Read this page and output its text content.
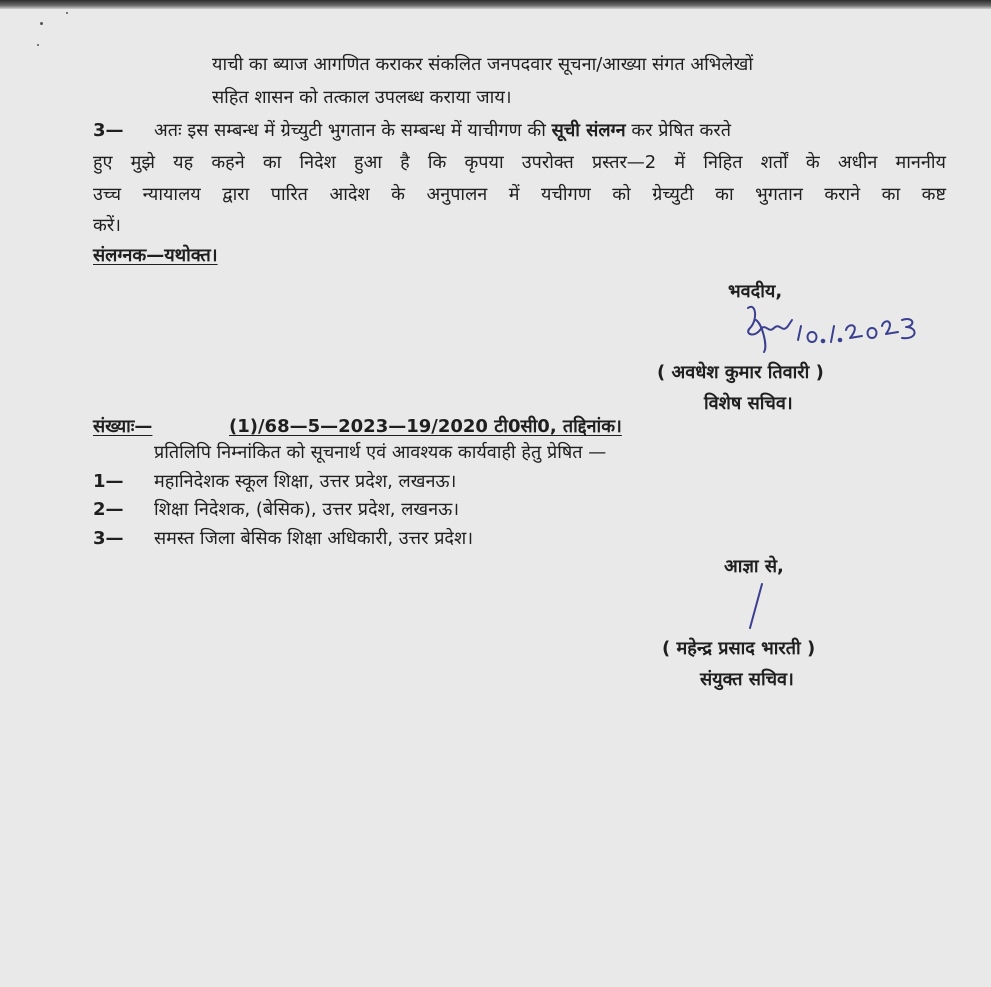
याची का ब्याज आगणित कराकर संकलित जनपदवार सूचना/आख्या संगत अभिलेखों
सहित शासन को तत्काल उपलब्ध कराया जाय।
3— अतः इस सम्बन्ध में ग्रेच्युटी भुगतान के सम्बन्ध में याचीगण की सूची संलग्न कर प्रेषित करते
हुए मुझे यह कहने का निदेश हुआ है कि कृपया उपरोक्त प्रस्तर—2 में निहित शर्तों के अधीन माननीय
उच्च न्यायालय द्वारा पारित आदेश के अनुपालन में यचीगण को ग्रेच्युटी का भुगतान कराने का कष्ट
करें।
संलग्नक—यथोक्त।
भवदीय,
( अवधेश कुमार तिवारी )
विशेष सचिव।
संख्याः—	(1)/68—5—2023—19/2020 टी0सी0, तद्दिनांक।
प्रतिलिपि निम्नांकित को सूचनार्थ एवं आवश्यक कार्यवाही हेतु प्रेषित —
1— महानिदेशक स्कूल शिक्षा, उत्तर प्रदेश, लखनऊ।
2— शिक्षा निदेशक, (बेसिक), उत्तर प्रदेश, लखनऊ।
3— समस्त जिला बेसिक शिक्षा अधिकारी, उत्तर प्रदेश।
आज्ञा से,
( महेन्द्र प्रसाद भारती )
संयुक्त सचिव।
